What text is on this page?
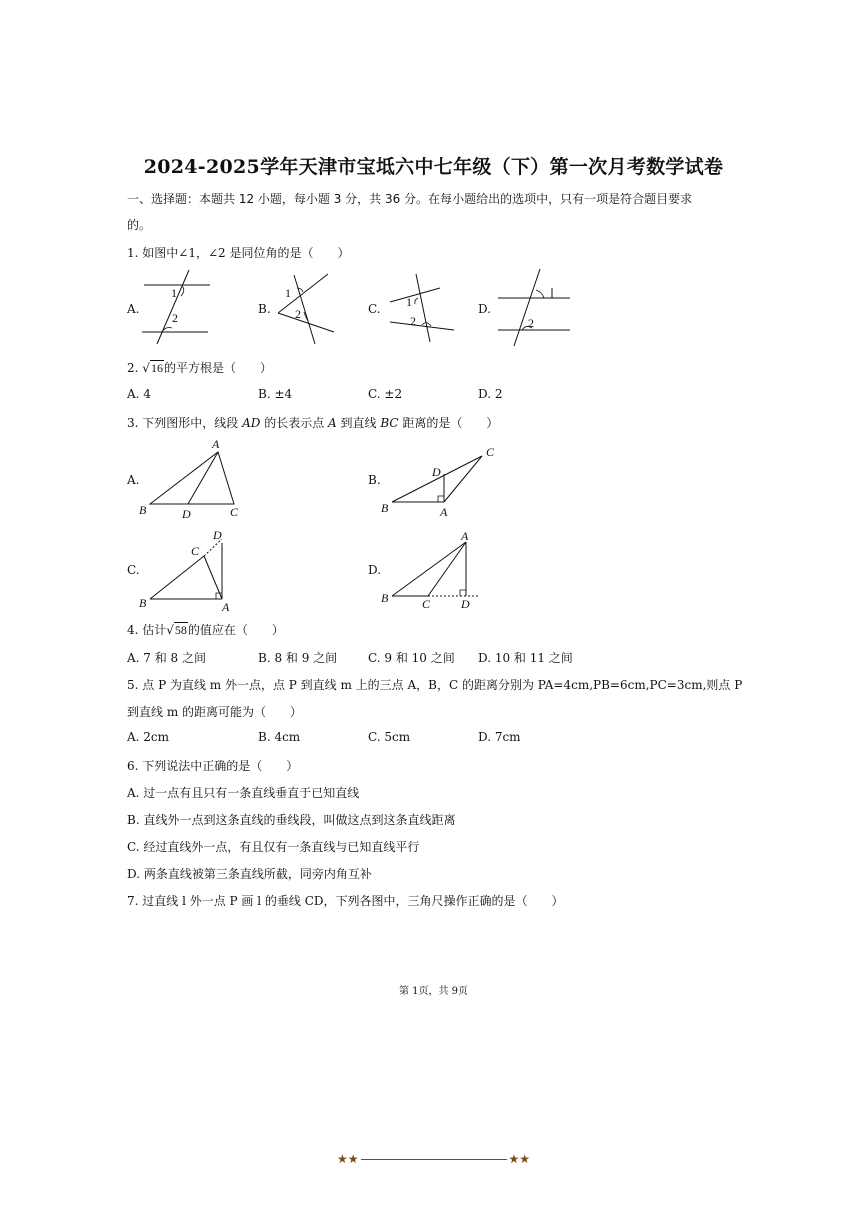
2024-2025学年天津市宝坻六中七年级（下）第一次月考数学试卷
一、选择题：本题共 12 小题，每小题 3 分，共 36 分。在每小题给出的选项中，只有一项是符合题目要求
的。
1. 如图中∠1，∠2 是同位角的是（　　）
A.	B.	C.	D.
1
2
1
2
1
2	2
2. √16的平方根是（　　）
A. 4	B. ±4	C. ±2	D. 2
3. 下列图形中，线段 AD 的长表示点 A 到直线 BC 距离的是（　　）
A.	B.
C.	D.
A
B	C
D	A
B
C
D
A
B
C
D	A
B	C	D
4. 估计√58的值应在（　　）
A. 7 和 8 之间	B. 8 和 9 之间	C. 9 和 10 之间 D. 10 和 11 之间
5. 点 P 为直线 m 外一点，点 P 到直线 m 上的三点 A，B，C 的距离分别为 PA=4cm,PB=6cm,PC=3cm,则点 P
到直线 m 的距离可能为（　　）
A. 2cm	B. 4cm	C. 5cm	D. 7cm
6. 下列说法中正确的是（　　）
A. 过一点有且只有一条直线垂直于已知直线
B. 直线外一点到这条直线的垂线段，叫做这点到这条直线距离
C. 经过直线外一点，有且仅有一条直线与已知直线平行
D. 两条直线被第三条直线所截，同旁内角互补
7. 过直线 l 外一点 P 画 l 的垂线 CD，下列各图中，三角尺操作正确的是（　　）
第 1页，共 9页
★★	★★
